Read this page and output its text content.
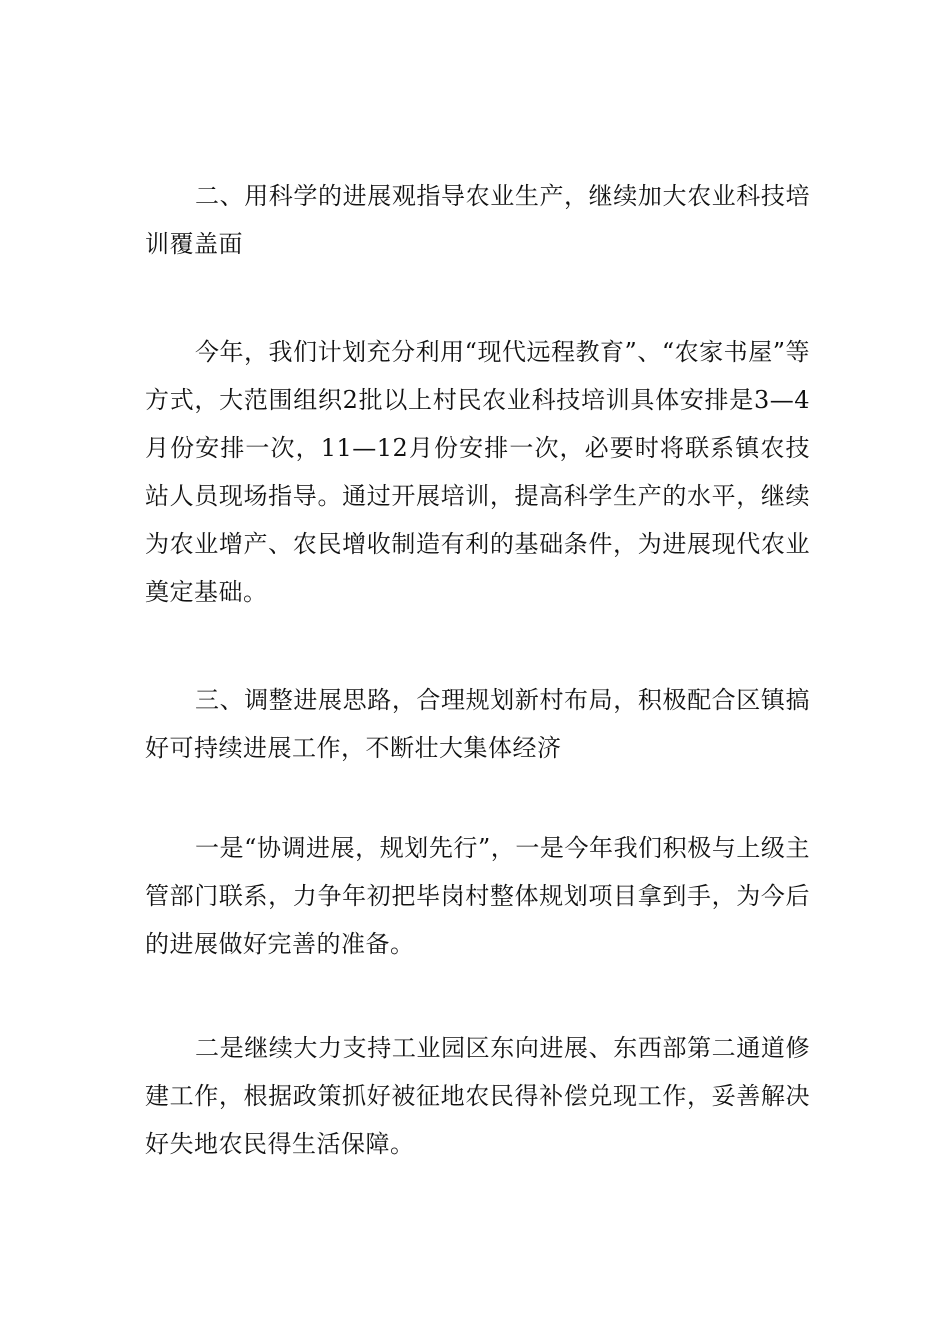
二、用科学的进展观指导农业生产，继续加大农业科技培训覆盖面

今年，我们计划充分利用“现代远程教育”、“农家书屋”等方式，大范围组织2批以上村民农业科技培训具体安排是3—4月份安排一次，11—12月份安排一次，必要时将联系镇农技站人员现场指导。通过开展培训，提高科学生产的水平，继续为农业增产、农民增收制造有利的基础条件，为进展现代农业奠定基础。

三、调整进展思路，合理规划新村布局，积极配合区镇搞好可持续进展工作，不断壮大集体经济

一是“协调进展，规划先行”，一是今年我们积极与上级主管部门联系，力争年初把毕岗村整体规划项目拿到手，为今后的进展做好完善的准备。

二是继续大力支持工业园区东向进展、东西部第二通道修建工作，根据政策抓好被征地农民得补偿兑现工作，妥善解决好失地农民得生活保障。
